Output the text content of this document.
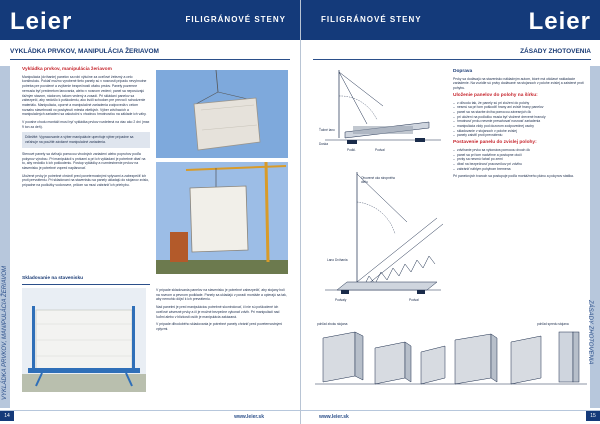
Leier	FILIGRÁNOVÉ STENY
VYKLÁDKA PRVKOV, MANIPULÁCIA ŽERIAVOM
VYKLÁDKA PRVKOV, MANIPULÁCIA ŽERIAVOM
Vykládka prvkov, manipulácia žeriavom

Manipulácia (dvíhanie) panelov sa robí výlučne za oceľové železný a celo konštrukciu. Pokiaľ možno vyrobené tieto panely sú v nosnosti prípadu nevyhnutne potreba pre povolené a zvýšenie bezpečnosti väzbu prstov. Panely pozemne nemusia byť predmetom lanovania, alebo v nosnom vedení; panel sa neposúvajú ťažným stavom, nádorom, takom vedený a zosadí. Pri skládaní panelov sa zabezpečí, aby nedošlo k poškodeniu, ako kvôli schodom pre prevod i schodzenie materiálu. Manipulácia, oporné a manipulačné zariadenia zodpovedá v celom rozsahu stavebnosti vo poskytnutí miesta všetkých. Výber zdvíhacích a manipulačných zariadení sa uskutoční s vhodnou hmotnosťou na základe ich váhy.

V povahe chodu montáži musí byť vykládka prvkov rozdelená na viac ako 2 dní (max 9 ton za deň).

Dôležité: Vypracovanie a výber manipulácie upevňuje výber prípadne sa vzťahuje na použité záväzné manipulačné zariadenia.

Stenové panely sa dvíhajú pomocou vhodných zariadení alebo popruhov podľa pokynov výrobcu. Pri manipulácii s prvkami a pri ich vykladaní je potrebné dbať na to, aby nedošlo k ich poškodeniu. Postup vykládky a rozmiestnenie prvkov na stavenisku je potrebné vopred naplánovať.

Uložené prvky je potrebné chrániť pred poveternostnými vplyvami a zabezpečiť ich proti prevráteniu. Pri skladovaní na stavenisku sa panely ukladajú do stojanov zvislo, prípadne na podložky vodorovne, pričom sa musí zabrániť ich priehybu.

Skladovanie na stavenisku

V prípade skladovania panelov na stavenisku je potrebné zabezpečiť, aby stojany boli na rovnom a pevnom podklade. Panely sa ukladajú v poradí montáže a opierajú sa tak, aby nemohlo dôjsť k ich prevráteniu.

Nad panelmi je pred manipuláciou potrebné skontrolovať, či nie sú poškodené ich oceľové závesné prvky a či je možné bezpečne vykonať zdvih. Pri manipulácii nad ľuďmi alebo v blízkosti osôb je manipulácia zakázaná.

V prípade dlhodobého skladovania je potrebné panely chrániť pred poveternostnými vplyvmi.

14	www.leier.sk
FILIGRÁNOVÉ STENY	Leier
ZÁSADY ZHOTOVENIA
ZÁSADY ZHOTOVENIA
Ťažné lano
Doska
Podkl.	Podval
Otvorené oko stropného dielu
Lano Dvíhania
Podvaly	Podval
Doprava

Prvky sa dodávajú na stavenisko nákladným autom, ktoré má otáčavé nakladacie zariadenie. Na vozidle sú prvky dodávané na stojanoch v polohe zvislej a zaistené proti pohybu.

Uloženie panelov do polohy na šírku:
– z dôvodu tak, že panely sú pri zložení do polohy
– nesmú sa pri tom poškodiť hrany ani zvislé hrany panelov
– panel sa na stavbe dvíha pomocou závesných ôk
– pri uložení na podložku musia byť vložené drevené hranoly
– hmotnosť prvku nesmie presahovať nosnosť zariadenia
– manipulácia vždy pod dozorom zodpovednej osoby
– skladovanie v stojanoch v polohe zvislej
– panely zaistiť proti prevráteniu
Postavenie panelu do zvislej polohy:
– zdvíhanie prvku sa vykonáva pomocou dvoch ôk
– panel sa pri tom nadvihne a postupne otočí
– prvky sa nesmú ťahať po zemi
– dbať na bezpečnosť pracovníkov pri zdvihu
– zabrániť náhlym pohybom bremena

Pri panelových tvaroch sa postupuje podľa montážneho plánu a pokynov statika.

pohľad zboku stojana	pohľad spredu stojana
www.leier.sk	15
